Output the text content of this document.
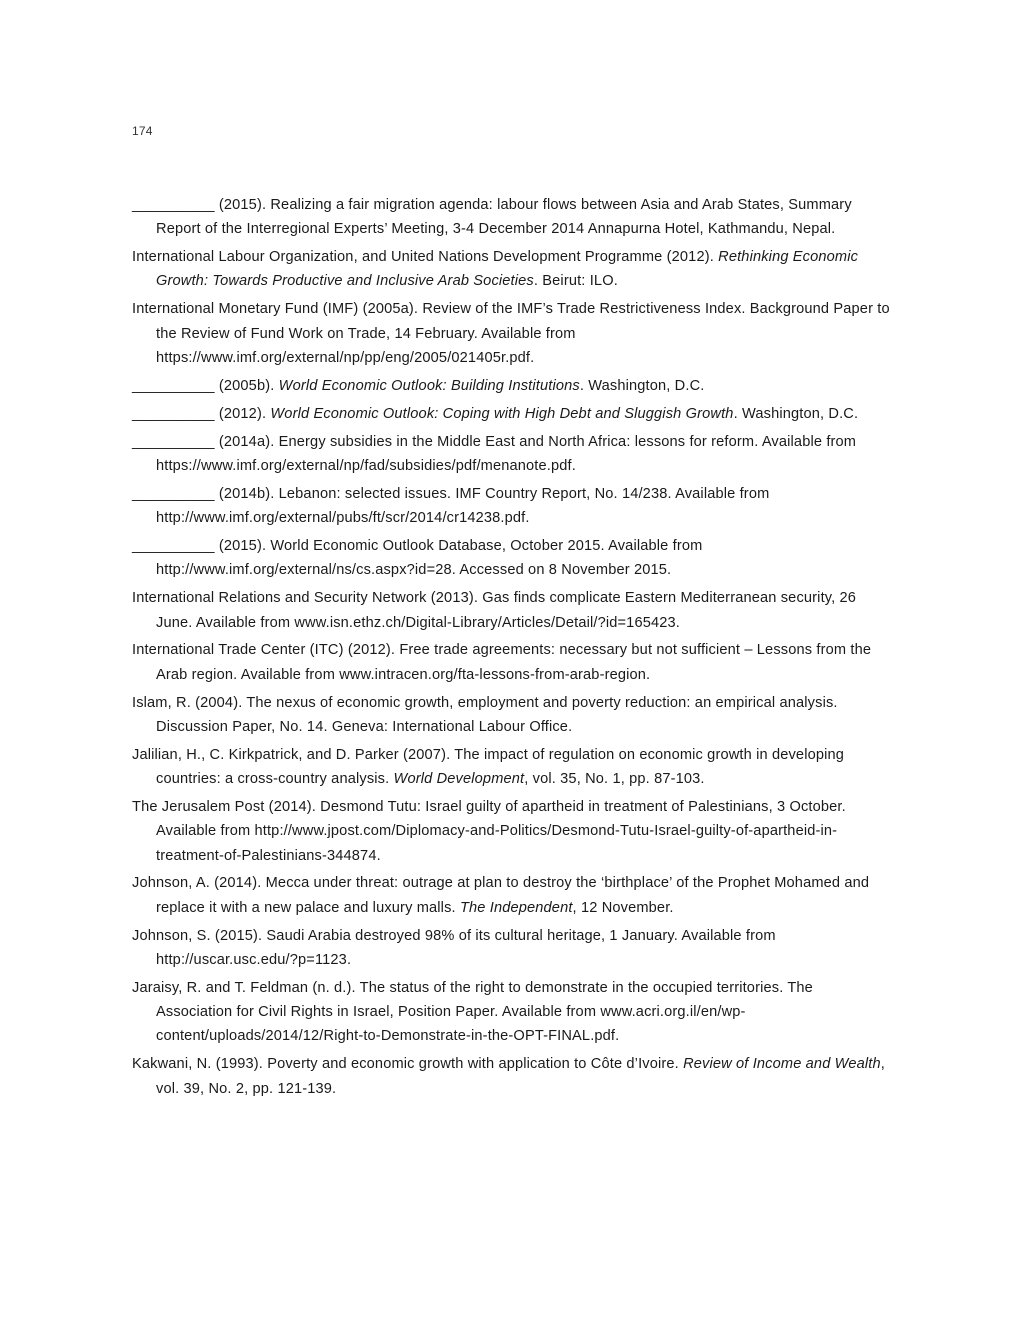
174
__________ (2015). Realizing a fair migration agenda: labour flows between Asia and Arab States, Summary Report of the Interregional Experts’ Meeting, 3-4 December 2014 Annapurna Hotel, Kathmandu, Nepal.
International Labour Organization, and United Nations Development Programme (2012). Rethinking Economic Growth: Towards Productive and Inclusive Arab Societies. Beirut: ILO.
International Monetary Fund (IMF) (2005a). Review of the IMF’s Trade Restrictiveness Index. Background Paper to the Review of Fund Work on Trade, 14 February. Available from https://www.imf.org/external/np/pp/eng/2005/021405r.pdf.
__________ (2005b). World Economic Outlook: Building Institutions. Washington, D.C.
__________ (2012). World Economic Outlook: Coping with High Debt and Sluggish Growth. Washington, D.C.
__________ (2014a). Energy subsidies in the Middle East and North Africa: lessons for reform. Available from https://www.imf.org/external/np/fad/subsidies/pdf/menanote.pdf.
__________ (2014b). Lebanon: selected issues. IMF Country Report, No. 14/238. Available from http://www.imf.org/external/pubs/ft/scr/2014/cr14238.pdf.
__________ (2015). World Economic Outlook Database, October 2015. Available from http://www.imf.org/external/ns/cs.aspx?id=28. Accessed on 8 November 2015.
International Relations and Security Network (2013). Gas finds complicate Eastern Mediterranean security, 26 June. Available from www.isn.ethz.ch/Digital-Library/Articles/Detail/?id=165423.
International Trade Center (ITC) (2012). Free trade agreements: necessary but not sufficient – Lessons from the Arab region. Available from www.intracen.org/fta-lessons-from-arab-region.
Islam, R. (2004). The nexus of economic growth, employment and poverty reduction: an empirical analysis. Discussion Paper, No. 14. Geneva: International Labour Office.
Jalilian, H., C. Kirkpatrick, and D. Parker (2007). The impact of regulation on economic growth in developing countries: a cross-country analysis. World Development, vol. 35, No. 1, pp. 87-103.
The Jerusalem Post (2014). Desmond Tutu: Israel guilty of apartheid in treatment of Palestinians, 3 October. Available from http://www.jpost.com/Diplomacy-and-Politics/Desmond-Tutu-Israel-guilty-of-apartheid-in-treatment-of-Palestinians-344874.
Johnson, A. (2014). Mecca under threat: outrage at plan to destroy the ‘birthplace’ of the Prophet Mohamed and replace it with a new palace and luxury malls. The Independent, 12 November.
Johnson, S. (2015). Saudi Arabia destroyed 98% of its cultural heritage, 1 January. Available from http://uscar.usc.edu/?p=1123.
Jaraisy, R. and T. Feldman (n. d.). The status of the right to demonstrate in the occupied territories. The Association for Civil Rights in Israel, Position Paper. Available from www.acri.org.il/en/wp-content/uploads/2014/12/Right-to-Demonstrate-in-the-OPT-FINAL.pdf.
Kakwani, N. (1993). Poverty and economic growth with application to Côte d’Ivoire. Review of Income and Wealth, vol. 39, No. 2, pp. 121-139.
